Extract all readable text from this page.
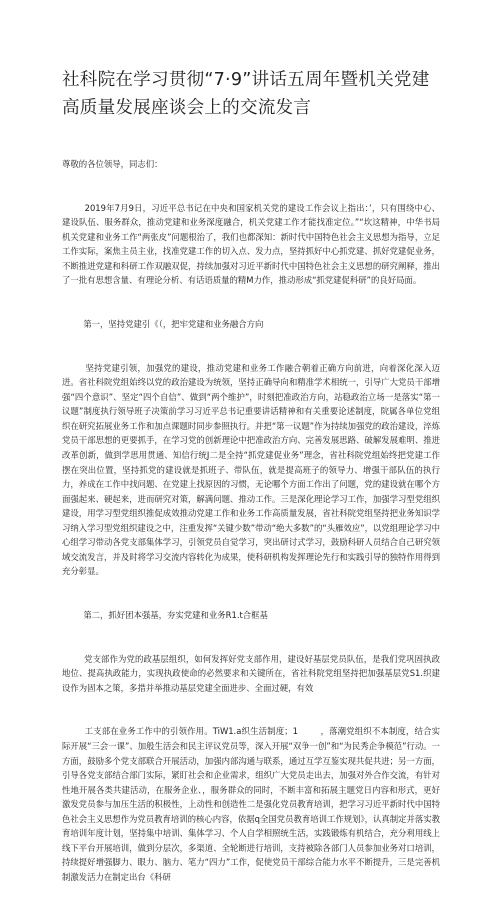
社科院在学习贯彻“7·9”讲话五周年暨机关党建高质量发展座谈会上的交流发言

尊敬的各位领导，同志们：

2019年7月9日，习近平总书记在中央和国家机关党的建设工作会议上指出：’，只有围绕中心、建设队伍、服务群众，推动党建和业务深度融合，机关党建工作才能找准定位。”“坎这精神，中华书局机关党建和业务工作“两张皮”问题根治了，我们也都深知：新时代中国特色社会主义思想为指导，立足工作实际，案焦主员主业，找准党建工作的切入点、发力点，坚持抓好中心抓党建、抓好党建促业务，不断推进党建和科研工作双融双促，持续加强对习近平新时代中国特色社会主义思想的研究阐释，推出了一批有思想含量、有理论分析、有话语质量的精M力作，推动形成“抓党建促科研”的良好局面。

第一，坚持党建引《（，把牢党建和业务融合方向

坚持党建引领，加强党的建设，推动党建和业务工作融合朝着正确方向前进，向着深化深入迈进。省社科院党组始终以党的政治建设为统领，坚持正确导向和精准学术相统一，引导广大党员干部增强“四个意识”、坚定“四个自信”、做到“两个维护”，时刻把准政治方向，站稳政治立场一是落实“第一议题”制度执行领导班子决策前学习习近平总书记重要讲话精神和有关重要论述制度，院属各单位党组织在研究拓展业务工作和加点课题时同步参照执行。并把“第一议题”作为持续加强党的政治建设，淬炼党员干部思想的更要抓手，在学习党的创新理论中把准政治方向、完善发展思路、破解发展难明、推进改革创新，做到学思用贯通、知信行统J二是全持“抓党建促业务”理念，省社科院党组始终把党建工作摆在突出位置，坚持抓党的建设就是抓班子、带队伍，就是提高班子的领导力、增强干部队伍的执行力，养成在工作中找问题、在党建上找原因的习惯，无论哪个方面工作出了问题，党的建设就在哪个方面强起来、硬起来，进而研究对策，解满问题、推动工作。三是深化理论学习工作，加强学习型党组织建设，用学习型党组织推促成效推动党建工作和业务工作高质量发展，省社科院党组坚持把业务知识学习纳入学习型党组织建设之中，注重发挥“关键少数”带动“绝大多数”的“头雁效应”，以党组理论学习中心组学习带动各党支部集体学习，引领党员自觉学习，突出研讨式学习，鼓励科研人员结合自己研究领域交流发言，并及时将学习交流内容转化为成果，使科研机构发挥理论先行和实践引导的独特作用得到充分彰显。

第二，抓好团本强基，夯实党建和业务R1.t合框基

党支部作为党的政基层组织，如何发挥好党支部作用，建设好基层党员队伍，是我们党巩固执政地位、提高执政能力，实现执政使命的必然要求和关键所在，省社科院党组坚持把加强基层党S1.织建设作为固本之策，多措并举推动基层党建全面进步、全面过硬，有效

工支部在业务工作中的引领作用。TiW1.a织生活制度；1        ，落潮党组织不本制度，结合实际开展“三会一课”、加般生活会和民主评议党员等，深入开展“双争一创”和“为民秀企争模范”行动。一方面，鼓励多个党支部联合开展活动，加强内部沟通与联系，通过互学互鉴实现共促共进；另一方面，引导各党支部结合部门实际，紧盯社会和企业需求，组织广大党员走出去，加强对外合作交流，有针对性地开展各类共建活动，在服务企业、，服务群众的同时，不断丰富和拓展主题党日内容和形式，更好激发党员参与加压生活的积极性，上动性和创造性二是强化党员教育培训，把学习习近平新时代中国特色社会主义思想作为党员教育培训的核心内容，依据q全国党员教育培训工作规划》，认真制定并落实教育培训年度计划，坚持集中培训、集体学习、个人自学相照统生活，实践锻炼有机结合，充分利用线上线下平台开展培训，做到分层次，多渠道、全轮断进行培训，支持被除各部门人员参加业务对口培训，持续提好增强脚力、眼力、脑力、笔力“四力”工作，促使党员干部综合能力水平不断提升，三是完善机制激发活力在制定出台《科研
